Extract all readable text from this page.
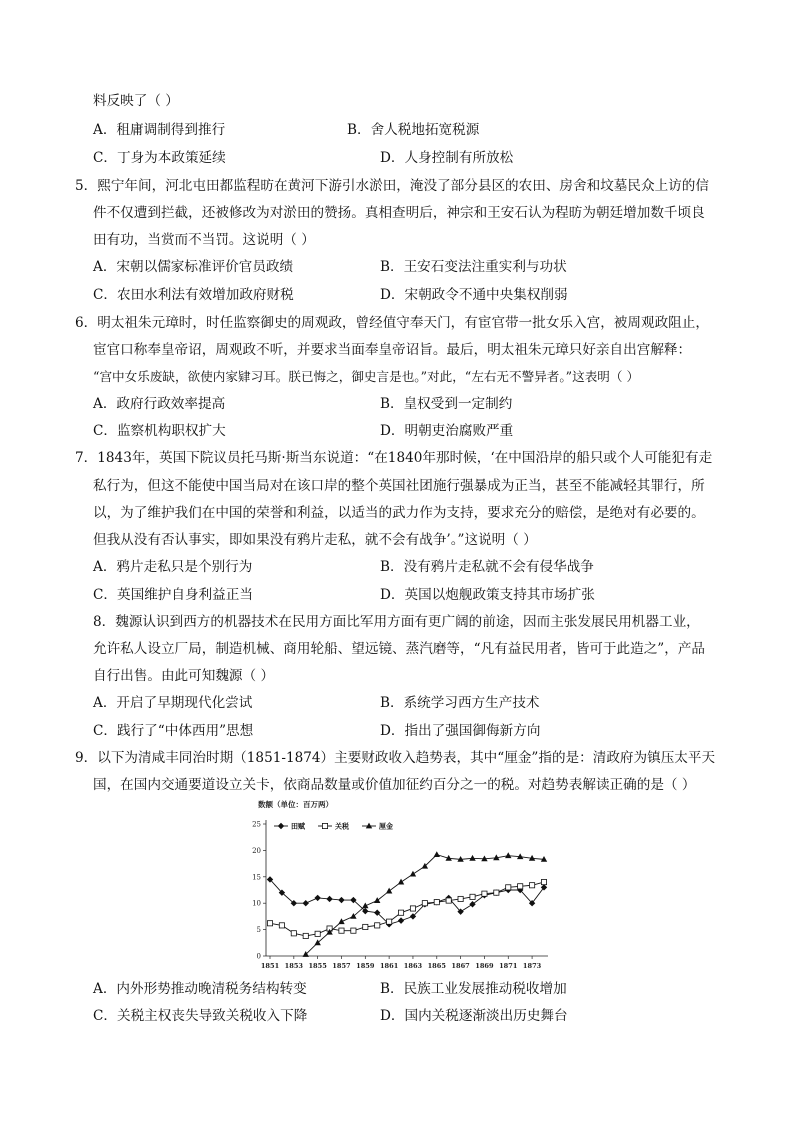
料反映了（ ）
A．租庸调制得到推行	B．舍人税地拓宽税源
C．丁身为本政策延续	D．人身控制有所放松
5．熙宁年间，河北屯田都监程昉在黄河下游引水淤田，淹没了部分县区的农田、房舍和坟墓民众上访的信
件不仅遭到拦截，还被修改为对淤田的赞扬。真相查明后，神宗和王安石认为程昉为朝廷增加数千顷良
田有功，当赏而不当罚。这说明（ ）
A．宋朝以儒家标准评价官员政绩	B．王安石变法注重实利与功状
C．农田水利法有效增加政府财税	D．宋朝政令不通中央集权削弱
6．明太祖朱元璋时，时任监察御史的周观政，曾经值守奉天门，有宦官带一批女乐入宫，被周观政阻止，
宦官口称奉皇帝诏，周观政不听，并要求当面奉皇帝诏旨。最后，明太祖朱元璋只好亲自出宫解释：
“宫中女乐废缺，欲使内家肄习耳。朕已悔之，御史言是也。”对此，“左右无不警异者。”这表明（ ）
A．政府行政效率提高	B．皇权受到一定制约
C．监察机构职权扩大	D．明朝吏治腐败严重
7．1843年，英国下院议员托马斯·斯当东说道：“在1840年那时候，‘在中国沿岸的船只或个人可能犯有走
私行为，但这不能使中国当局对在该口岸的整个英国社团施行强暴成为正当，甚至不能减轻其罪行，所
以，为了维护我们在中国的荣誉和利益，以适当的武力作为支持，要求充分的赔偿，是绝对有必要的。
但我从没有否认事实，即如果没有鸦片走私，就不会有战争’。”这说明（ ）
A．鸦片走私只是个别行为	B．没有鸦片走私就不会有侵华战争
C．英国维护自身利益正当	D．英国以炮舰政策支持其市场扩张
8．魏源认识到西方的机器技术在民用方面比军用方面有更广阔的前途，因而主张发展民用机器工业，
允许私人设立厂局，制造机械、商用轮船、望远镜、蒸汽磨等，“凡有益民用者，皆可于此造之”，产品
自行出售。由此可知魏源（ ）
A．开启了早期现代化尝试	B．系统学习西方生产技术
C．践行了“中体西用”思想	D．指出了强国御侮新方向
9．以下为清咸丰同治时期（1851-1874）主要财政收入趋势表，其中“厘金”指的是：清政府为镇压太平天
国，在国内交通要道设立关卡，依商品数量或价值加征约百分之一的税。对趋势表解读正确的是（ ）
数额（单位：百万两）
0
5
10
15
20
25
1851 1853 1855 1857 1859 1861 1863 1865 1867 1869 1871 1873
田赋	关税	厘金
A．内外形势推动晚清税务结构转变	B．民族工业发展推动税收增加
C．关税主权丧失导致关税收入下降	D．国内关税逐渐淡出历史舞台
